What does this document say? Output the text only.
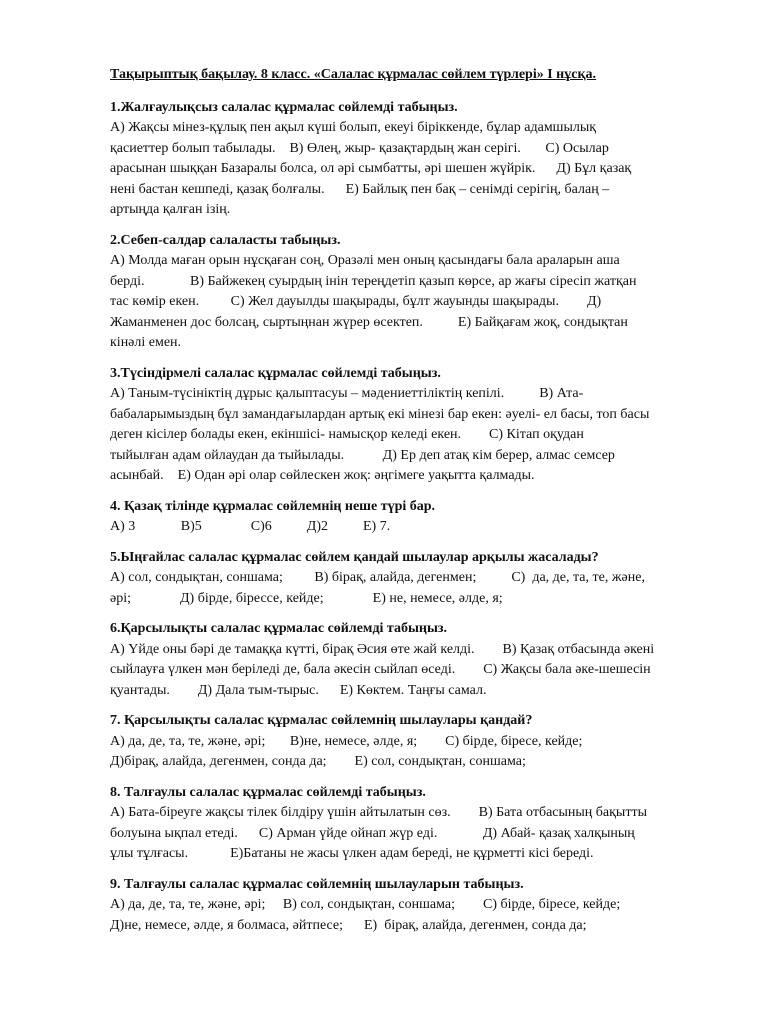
Тақырыптық бақылау. 8 класс. «Салалас құрмалас сөйлем түрлері» І нұсқа.

1.Жалғаулықсыз салалас құрмалас сөйлемді табыңыз.

А) Жақсы мінез-құлық пен ақыл күші болып, екеуі біріккенде, бұлар адамшылық
қасиеттер болып табылады.    В) Өлең, жыр- қазақтардың жан серігі.       С) Осылар
арасынан шыққан Базаралы болса, ол әрі сымбатты, әрі шешен жүйрік.      Д) Бұл қазақ
нені бастан кешпеді, қазақ болғалы.      Е) Байлық пен бақ – сенімді серігің, балаң –
артыңда қалған ізің.

2.Себеп-салдар салаласты табыңыз.

А) Молда маған орын нұсқаған соң, Оразәлі мен оның қасындағы бала араларын аша
берді.             В) Байжекең суырдың інін тереңдетіп қазып көрсе, ар жағы сіресіп жатқан
тас көмір екен.         С) Жел дауылды шақырады, бұлт жауынды шақырады.        Д)
Жаманменен дос болсаң, сыртыңнан жүрер өсектеп.          Е) Байқағам жоқ, сондықтан
кінәлі емен.

3.Түсіндірмелі салалас құрмалас сөйлемді табыңыз.

А) Таным-түсініктің дұрыс қалыптасуы – мәдениеттіліктің кепілі.          В) Ата-
бабаларымыздың бұл замандағылардан артық екі мінезі бар екен: әуелі- ел басы, топ басы
деген кісілер болады екен, екіншісі- намысқор келеді екен.        С) Кітап оқудан
тыйылған адам ойлаудан да тыйылады.           Д) Ер деп атақ кім берер, алмас семсер
асынбай.    Е) Одан әрі олар сөйлескен жоқ: әңгімеге уақытта қалмады.

4. Қазақ тілінде құрмалас сөйлемнің неше түрі бар.

А) 3             В)5              С)6          Д)2          Е) 7.

5.Ыңғайлас салалас құрмалас сөйлем қандай шылаулар арқылы жасалады?

А) сол, сондықтан, соншама;         В) бірақ, алайда, дегенмен;          С)  да, де, та, те, және,
әрі;              Д) бірде, бірессе, кейде;              Е) не, немесе, әлде, я;

6.Қарсылықты салалас құрмалас сөйлемді табыңыз.

А) Үйде оны бәрі де тамаққа күтті, бірақ Әсия өте жай келді.        В) Қазақ отбасында әкені
сыйлауға үлкен мән беріледі де, бала әкесін сыйлап өседі.        С) Жақсы бала әке-шешесін
қуантады.        Д) Дала тым-тырыс.      Е) Көктем. Таңғы самал.

7. Қарсылықты салалас құрмалас сөйлемнің шылаулары қандай?

А) да, де, та, те, және, әрі;       В)не, немесе, әлде, я;        С) бірде, біресе, кейде;
Д)бірақ, алайда, дегенмен, сонда да;        Е) сол, сондықтан, соншама;

8. Талғаулы салалас құрмалас сөйлемді табыңыз.

А) Бата-біреуге жақсы тілек білдіру үшін айтылатын сөз.        В) Бата отбасының бақытты
болуына ықпал етеді.      С) Арман үйде ойнап жүр еді.             Д) Абай- қазақ халқының
ұлы тұлғасы.            Е)Батаны не жасы үлкен адам береді, не құрметті кісі береді.

9. Талғаулы салалас құрмалас сөйлемнің шылауларын табыңыз.

А) да, де, та, те, және, әрі;     В) сол, сондықтан, соншама;        С) бірде, біресе, кейде;
Д)не, немесе, әлде, я болмаса, әйтпесе;      Е)  бірақ, алайда, дегенмен, сонда да;
